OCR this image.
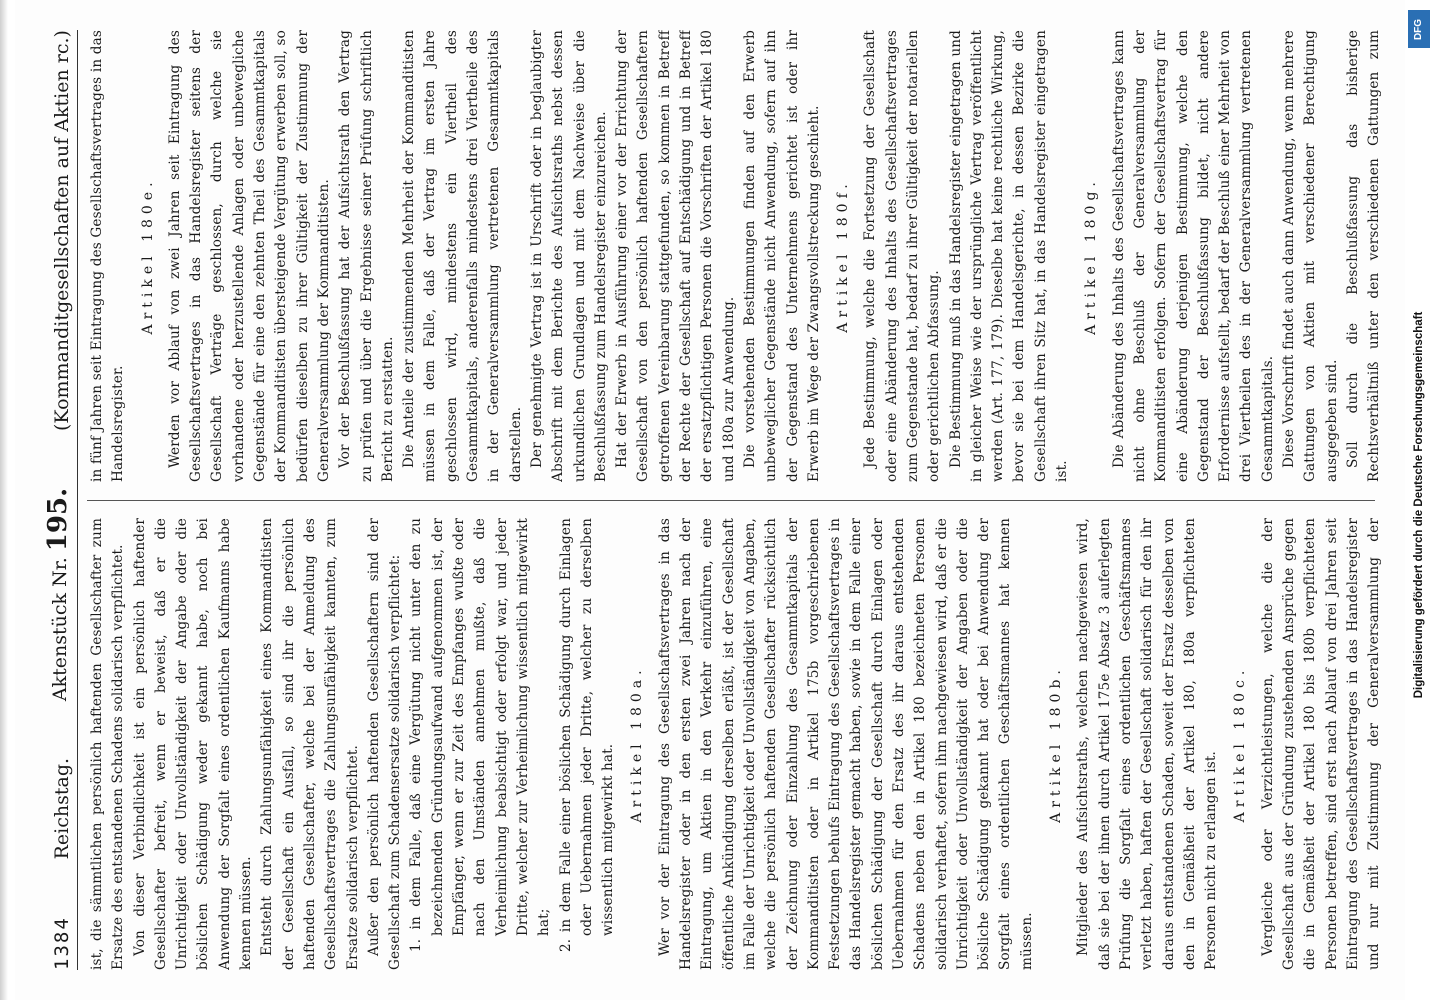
1384
Reichstag.
Aktenstück Nr. 195.
(Kommanditgesellschaften auf Aktien rc.)

ist, die sämmtlichen persönlich haftenden Gesellschafter zum Ersatze des entstandenen Schadens solidarisch verpflichtet. Von dieser Verbindlichkeit ist ein persönlich haftender Gesellschafter befreit, wenn er beweist, daß er die Unrichtigkeit oder Unvollständigkeit der Angabe oder die böslichen Schädigung weder gekannt habe, noch bei Anwendung der Sorgfalt eines ordentlichen Kaufmanns habe kennen müssen. Entsteht durch Zahlungsunfähigkeit eines Kommanditisten der Gesellschaft ein Ausfall, so sind ihr die persönlich haftenden Gesellschafter, welche bei der Anmeldung des Gesellschaftsvertrages die Zahlungsunfähigkeit kannten, zum Ersatze solidarisch verpflichtet. Außer den persönlich haftenden Gesellschaftern sind der Gesellschaft zum Schadensersatze solidarisch verpflichtet: 1. in dem Falle, daß eine Vergütung nicht unter den zu bezeichnenden Gründungsaufwand aufgenommen ist, der Empfänger, wenn er zur Zeit des Empfanges wußte oder nach den Umständen annehmen mußte, daß die Verheimlichung beabsichtigt oder erfolgt war, und jeder Dritte, welcher zur Verheimlichung wissentlich mitgewirkt hat; 2. in dem Falle einer böslichen Schädigung durch Einlagen oder Uebernahmen jeder Dritte, welcher zu derselben wissentlich mitgewirkt hat. Artikel 180a. Wer vor der Eintragung des Gesellschaftsvertrages in das Handelsregister oder in den ersten zwei Jahren nach der Eintragung, um Aktien in den Verkehr einzuführen, eine öffentliche Ankündigung derselben erläßt, ist der Gesellschaft im Falle der Unrichtigkeit oder Unvollständigkeit von Angaben, welche die persönlich haftenden Gesellschafter rücksichtlich der Zeichnung oder Einzahlung des Gesammtkapitals der Kommanditisten oder in Artikel 175b vorgeschriebenen Festsetzungen behufs Eintragung des Gesellschaftsvertrages in das Handelsregister gemacht haben, sowie in dem Falle einer böslichen Schädigung der Gesellschaft durch Einlagen oder Uebernahmen für den Ersatz des ihr daraus entstehenden Schadens neben den in Artikel 180 bezeichneten Personen solidarisch verhaftet, sofern ihm nachgewiesen wird, daß er die Unrichtigkeit oder Unvollständigkeit der Angaben oder die bösliche Schädigung gekannt hat oder bei Anwendung der Sorgfalt eines ordentlichen Geschäftsmannes hat kennen müssen.

Artikel 180b. Mitglieder des Aufsichtsraths, welchen nachgewiesen wird, daß sie bei der ihnen durch Artikel 175e Absatz 3 auferlegten Prüfung die Sorgfalt eines ordentlichen Geschäftsmannes verletzt haben, haften der Gesellschaft solidarisch für den ihr daraus entstandenen Schaden, soweit der Ersatz desselben von den in Gemäßheit der Artikel 180, 180a verpflichteten Personen nicht zu erlangen ist.

Artikel 180c.

Vergleiche oder Verzichtleistungen, welche die der Gesellschaft aus der Gründung zustehenden Ansprüche gegen die in Gemäßheit der Artikel 180 bis 180b verpflichteten Personen betreffen, sind erst nach Ablauf von drei Jahren seit Eintragung des Gesellschaftsvertrages in das Handelsregister und nur mit Zustimmung der Generalversammlung der

in fünf Jahren seit Eintragung des Gesellschaftsvertrages in das Handelsregister.

Artikel 180e. Werden vor Ablauf von zwei Jahren seit Eintragung des Gesellschaftsvertrages in das Handelsregister seitens der Gesellschaft Verträge geschlossen, durch welche sie vorhandene oder herzustellende Anlagen oder unbewegliche Gegenstände für eine den zehnten Theil des Gesammtkapitals der Kommanditisten übersteigende Vergütung erwerben soll, so bedürfen dieselben zu ihrer Gültigkeit der Zustimmung der Generalversammlung der Kommanditisten. Vor der Beschlußfassung hat der Aufsichtsrath den Vertrag zu prüfen und über die Ergebnisse seiner Prüfung schriftlich Bericht zu erstatten. Die Anteile der zustimmenden Mehrheit der Kommanditisten müssen in dem Falle, daß der Vertrag im ersten Jahre geschlossen wird, mindestens ein Viertheil des Gesammtkapitals, anderenfalls mindestens drei Viertheile des in der Generalversammlung vertretenen Gesammtkapitals darstellen. Der genehmigte Vertrag ist in Urschrift oder in beglaubigter Abschrift mit dem Berichte des Aufsichtsraths nebst dessen urkundlichen Grundlagen und mit dem Nachweise über die Beschlußfassung zum Handelsregister einzureichen. Hat der Erwerb in Ausführung einer vor der Errichtung der Gesellschaft von den persönlich haftenden Gesellschaftern getroffenen Vereinbarung stattgefunden, so kommen in Betreff der Rechte der Gesellschaft auf Entschädigung und in Betreff der ersatzpflichtigen Personen die Vorschriften der Artikel 180 und 180a zur Anwendung. Die vorstehenden Bestimmungen finden auf den Erwerb unbeweglicher Gegenstände nicht Anwendung, sofern auf ihn der Gegenstand des Unternehmens gerichtet ist oder ihr Erwerb im Wege der Zwangsvollstreckung geschieht. Artikel 180f. Jede Bestimmung, welche die Fortsetzung der Gesellschaft oder eine Abänderung des Inhalts des Gesellschaftsvertrages zum Gegenstande hat, bedarf zu ihrer Gültigkeit der notariellen oder gerichtlichen Abfassung. Die Bestimmung muß in das Handelsregister eingetragen und in gleicher Weise wie der ursprüngliche Vertrag veröffentlicht werden (Art. 177, 179). Dieselbe hat keine rechtliche Wirkung, bevor sie bei dem Handelsgerichte, in dessen Bezirke die Gesellschaft ihren Sitz hat, in das Handelsregister eingetragen ist.

Artikel 180g. Die Abänderung des Inhalts des Gesellschaftsvertrages kann nicht ohne Beschluß der Generalversammlung der Kommanditisten erfolgen. Sofern der Gesellschaftsvertrag für eine Abänderung derjenigen Bestimmung, welche den Gegenstand der Beschlußfassung bildet, nicht andere Erfordernisse aufstellt, bedarf der Beschluß einer Mehrheit von drei Viertheilen des in der Generalversammlung vertretenen Gesammtkapitals. Diese Vorschrift findet auch dann Anwendung, wenn mehrere Gattungen von Aktien mit verschiedener Berechtigung ausgegeben sind. Soll durch die Beschlußfassung das bisherige Rechtsverhältniß unter den verschiedenen Gattungen zum

DFG
Digitalisierung gefördert durch die Deutsche Forschungsgemeinschaft
